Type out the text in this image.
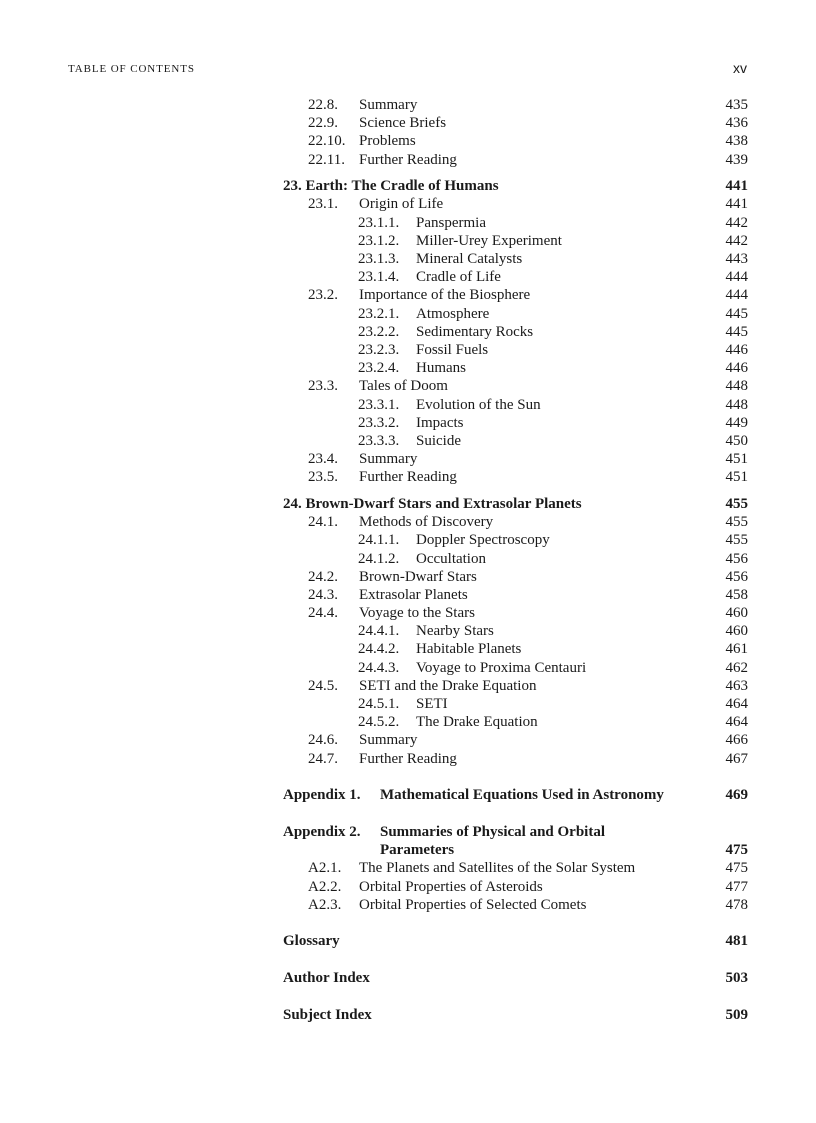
TABLE OF CONTENTS	xv
22.8. Summary	435
22.9. Science Briefs	436
22.10. Problems	438
22.11. Further Reading	439
23. Earth: The Cradle of Humans	441
23.1. Origin of Life	441
23.1.1. Panspermia	442
23.1.2. Miller-Urey Experiment	442
23.1.3. Mineral Catalysts	443
23.1.4. Cradle of Life	444
23.2. Importance of the Biosphere	444
23.2.1. Atmosphere	445
23.2.2. Sedimentary Rocks	445
23.2.3. Fossil Fuels	446
23.2.4. Humans	446
23.3. Tales of Doom	448
23.3.1. Evolution of the Sun	448
23.3.2. Impacts	449
23.3.3. Suicide	450
23.4. Summary	451
23.5. Further Reading	451
24. Brown-Dwarf Stars and Extrasolar Planets	455
24.1. Methods of Discovery	455
24.1.1. Doppler Spectroscopy	455
24.1.2. Occultation	456
24.2. Brown-Dwarf Stars	456
24.3. Extrasolar Planets	458
24.4. Voyage to the Stars	460
24.4.1. Nearby Stars	460
24.4.2. Habitable Planets	461
24.4.3. Voyage to Proxima Centauri	462
24.5. SETI and the Drake Equation	463
24.5.1. SETI	464
24.5.2. The Drake Equation	464
24.6. Summary	466
24.7. Further Reading	467
Appendix 1. Mathematical Equations Used in Astronomy	469
Appendix 2. Summaries of Physical and Orbital
Parameters	475
A2.1. The Planets and Satellites of the Solar System	475
A2.2. Orbital Properties of Asteroids	477
A2.3. Orbital Properties of Selected Comets	478
Glossary	481
Author Index	503
Subject Index	509
